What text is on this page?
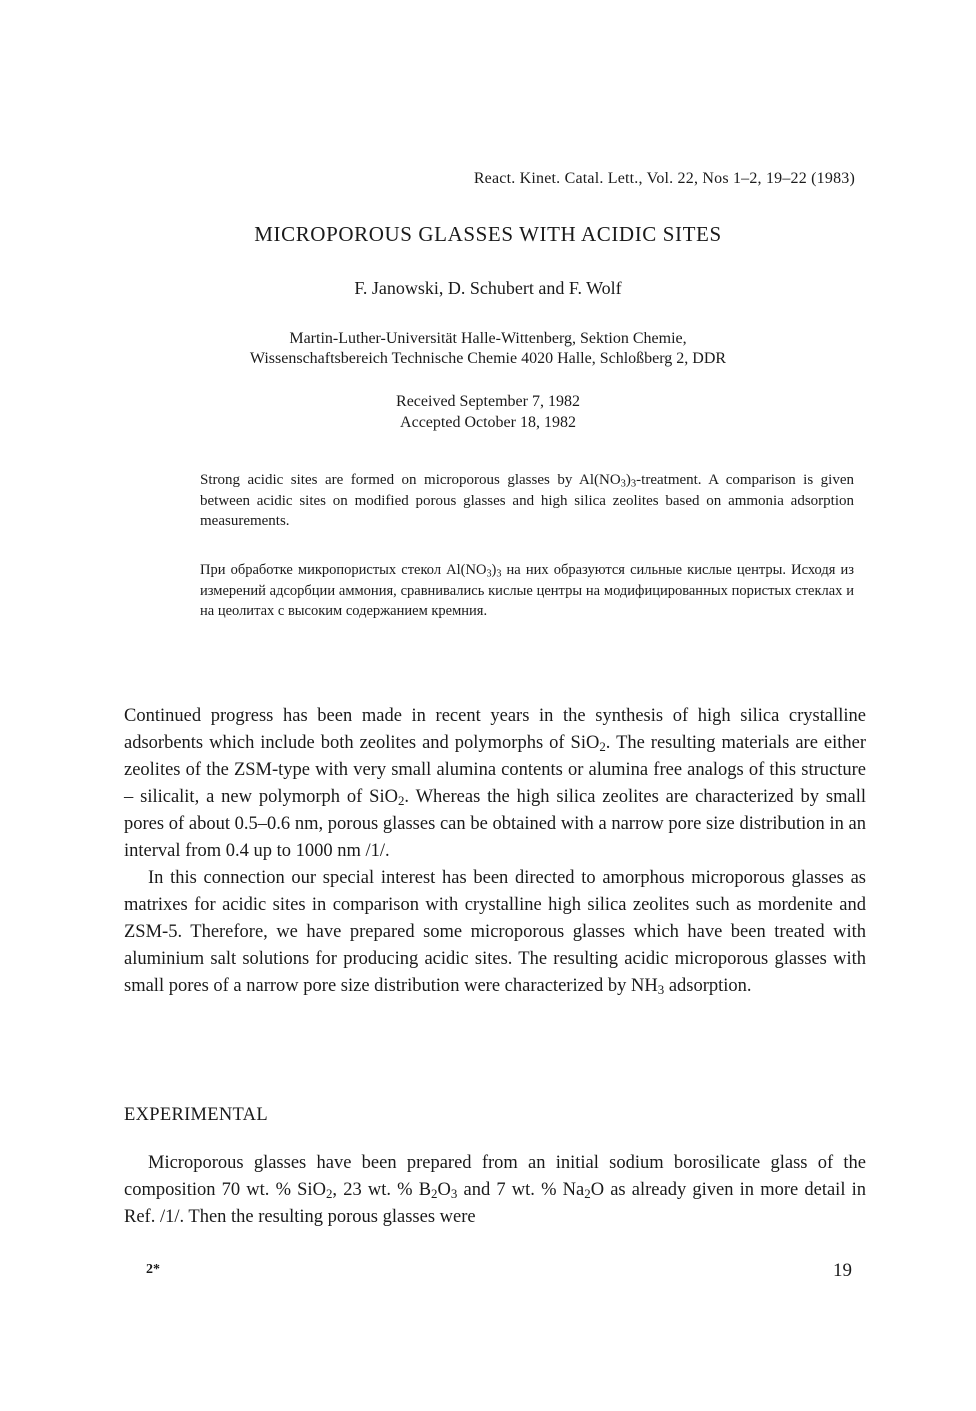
React. Kinet. Catal. Lett., Vol. 22, Nos 1–2, 19–22 (1983)
MICROPOROUS GLASSES WITH ACIDIC SITES
F. Janowski, D. Schubert and F. Wolf
Martin-Luther-Universität Halle-Wittenberg, Sektion Chemie,
Wissenschaftsbereich Technische Chemie 4020 Halle, Schloßberg 2, DDR
Received September 7, 1982
Accepted October 18, 1982
Strong acidic sites are formed on microporous glasses by $Al(NO_3)_3$-treatment. A comparison is given between acidic sites on modified porous glasses and high silica zeolites based on ammonia adsorption measurements.
При обработке микропористых стекол $Al(NO_3)_3$ на них образуются сильные кислые центры. Исходя из измерений адсорбции аммония, сравнивались кислые центры на модифицированных пористых стеклах и на цеолитах с высоким содержанием кремния.

Continued progress has been made in recent years in the synthesis of high silica crystalline adsorbents which include both zeolites and polymorphs of SiO$_2$. The resulting materials are either zeolites of the ZSM-type with very small alumina contents or alumina free analogs of this structure – silicalit, a new polymorph of SiO$_2$. Whereas the high silica zeolites are characterized by small pores of about 0.5–0.6 nm, porous glasses can be obtained with a narrow pore size distribution in an interval from 0.4 up to 1000 nm /1/.

In this connection our special interest has been directed to amorphous microporous glasses as matrixes for acidic sites in comparison with crystalline high silica zeolites such as mordenite and ZSM-5. Therefore, we have prepared some microporous glasses which have been treated with aluminium salt solutions for producing acidic sites. The resulting acidic microporous glasses with small pores of a narrow pore size distribution were characterized by $NH_3$ adsorption.

EXPERIMENTAL

Microporous glasses have been prepared from an initial sodium borosilicate glass of the composition 70 wt. % SiO$_2$, 23 wt. % $B_2O_3$ and 7 wt. % $Na_2O$ as already given in more detail in Ref. /1/. Then the resulting porous glasses were

2*	19
